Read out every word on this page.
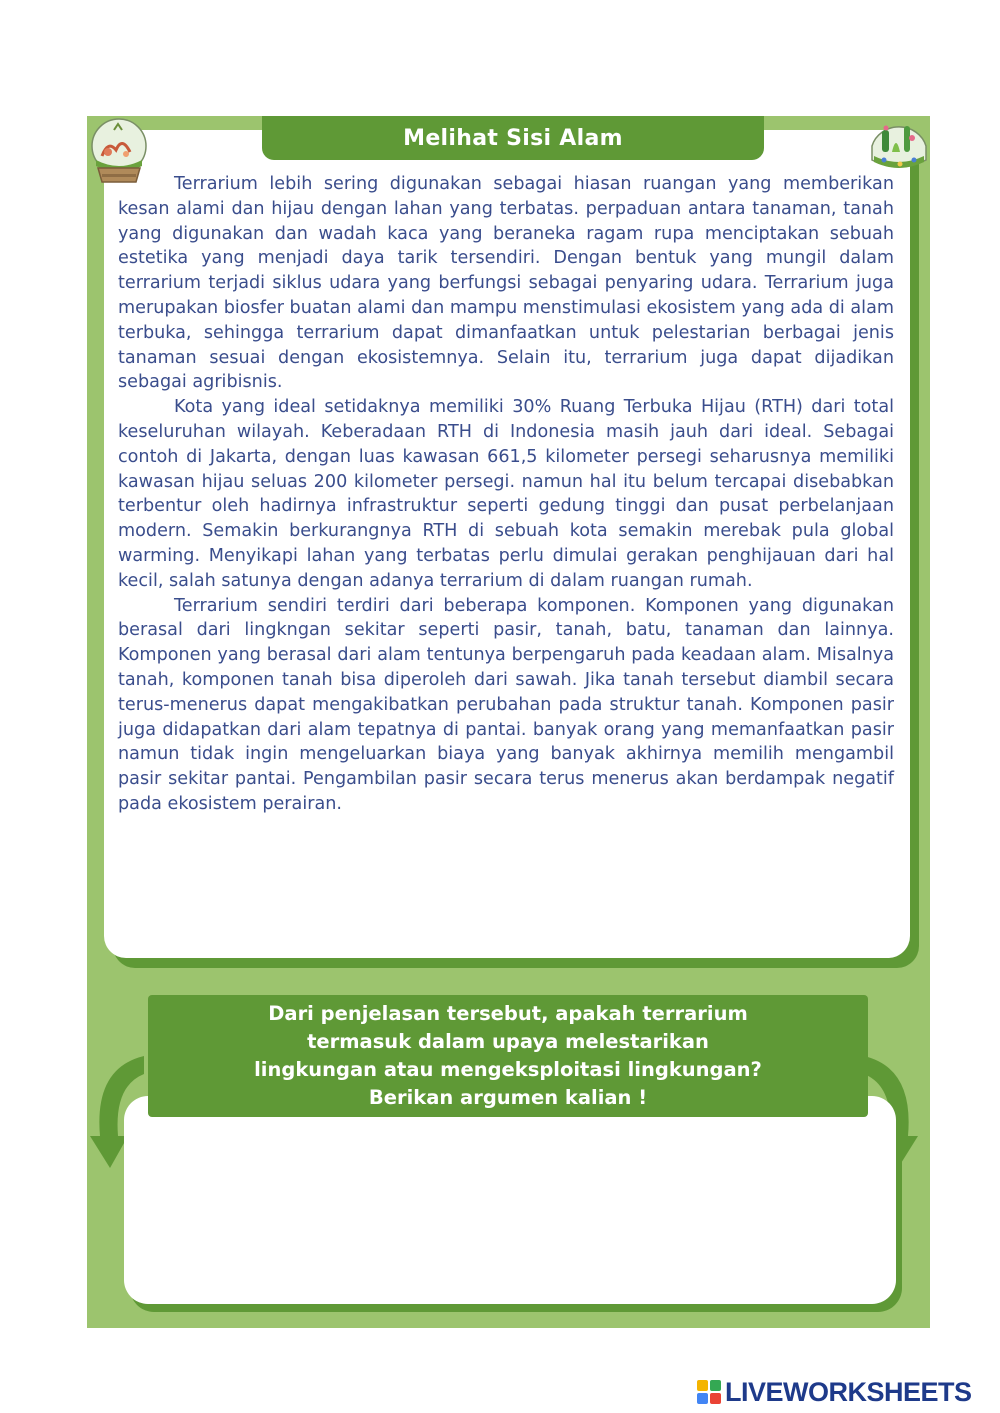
Melihat Sisi Alam

Terrarium lebih sering digunakan sebagai hiasan ruangan yang memberikan kesan alami dan hijau dengan lahan yang terbatas. perpaduan antara tanaman, tanah yang digunakan dan wadah kaca yang beraneka ragam rupa menciptakan sebuah estetika yang menjadi daya tarik tersendiri. Dengan bentuk yang mungil dalam terrarium terjadi siklus udara yang berfungsi sebagai penyaring udara. Terrarium juga merupakan biosfer buatan alami dan mampu menstimulasi ekosistem yang ada di alam terbuka, sehingga terrarium dapat dimanfaatkan untuk pelestarian berbagai jenis tanaman sesuai dengan ekosistemnya. Selain itu, terrarium juga dapat dijadikan sebagai agribisnis.

Kota yang ideal setidaknya memiliki 30% Ruang Terbuka Hijau (RTH) dari total keseluruhan wilayah. Keberadaan RTH di Indonesia masih jauh dari ideal. Sebagai contoh di Jakarta, dengan luas kawasan 661,5 kilometer persegi seharusnya memiliki kawasan hijau seluas 200 kilometer persegi. namun hal itu belum tercapai disebabkan terbentur oleh hadirnya infrastruktur seperti gedung tinggi dan pusat perbelanjaan modern. Semakin berkurangnya RTH di sebuah kota semakin merebak pula global warming. Menyikapi lahan yang terbatas perlu dimulai gerakan penghijauan dari hal kecil, salah satunya dengan adanya terrarium di dalam ruangan rumah.

Terrarium sendiri terdiri dari beberapa komponen. Komponen yang digunakan berasal dari lingkngan sekitar seperti pasir, tanah, batu, tanaman dan lainnya. Komponen yang berasal dari alam tentunya berpengaruh pada keadaan alam. Misalnya tanah, komponen tanah bisa diperoleh dari sawah. Jika tanah tersebut diambil secara terus-menerus dapat mengakibatkan perubahan pada struktur tanah. Komponen pasir juga didapatkan dari alam tepatnya di pantai. banyak orang yang memanfaatkan pasir namun tidak ingin mengeluarkan biaya yang banyak akhirnya memilih mengambil pasir sekitar pantai. Pengambilan pasir secara terus menerus akan berdampak negatif pada ekosistem perairan.

Dari penjelasan tersebut, apakah terrarium
termasuk dalam upaya melestarikan
lingkungan atau mengeksploitasi lingkungan?
Berikan argumen kalian !
LIVEWORKSHEETS
